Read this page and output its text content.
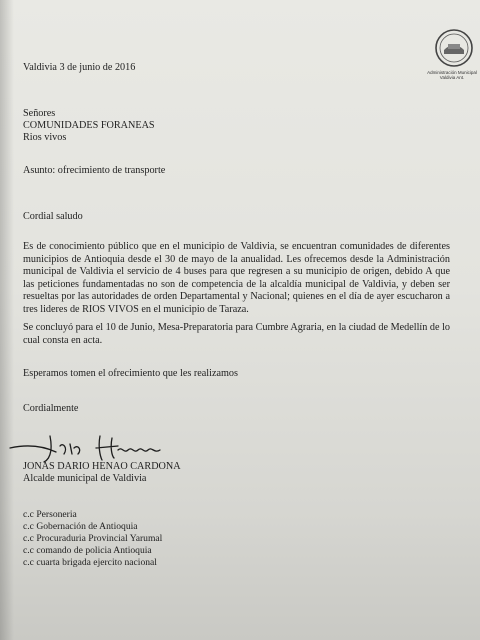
Administración Municipal Valdivia Ant.
Valdivia 3 de junio de 2016
Señores
COMUNIDADES FORANEAS
Rios vivos
Asunto: ofrecimiento de transporte
Cordial saludo
Es de conocimiento público que en el municipio de Valdivia, se encuentran comunidades de diferentes municipios de Antioquia desde el 30 de mayo de la anualidad. Les ofrecemos desde la Administración municipal de Valdivia el servicio de 4 buses para que regresen a su municipio de origen, debido A que las peticiones fundamentadas no son de competencia de la alcaldía municipal de Valdivia, y deben ser resueltas por las autoridades de orden Departamental y Nacional; quienes en el día de ayer escucharon a tres lideres de RIOS VIVOS en el municipio de Taraza.
Se concluyó para el 10 de Junio, Mesa-Preparatoria para Cumbre Agraria, en la ciudad de Medellín de lo cual consta en acta.
Esperamos tomen el ofrecimiento que les realizamos
Cordialmente
JONAS DARIO HENAO CARDONA
Alcalde municipal de Valdivia
c.c Personeria
c.c Gobernación de Antioquia
c.c Procuraduria Provincial Yarumal
c.c comando de policia Antioquia
c.c cuarta brigada ejercito nacional
